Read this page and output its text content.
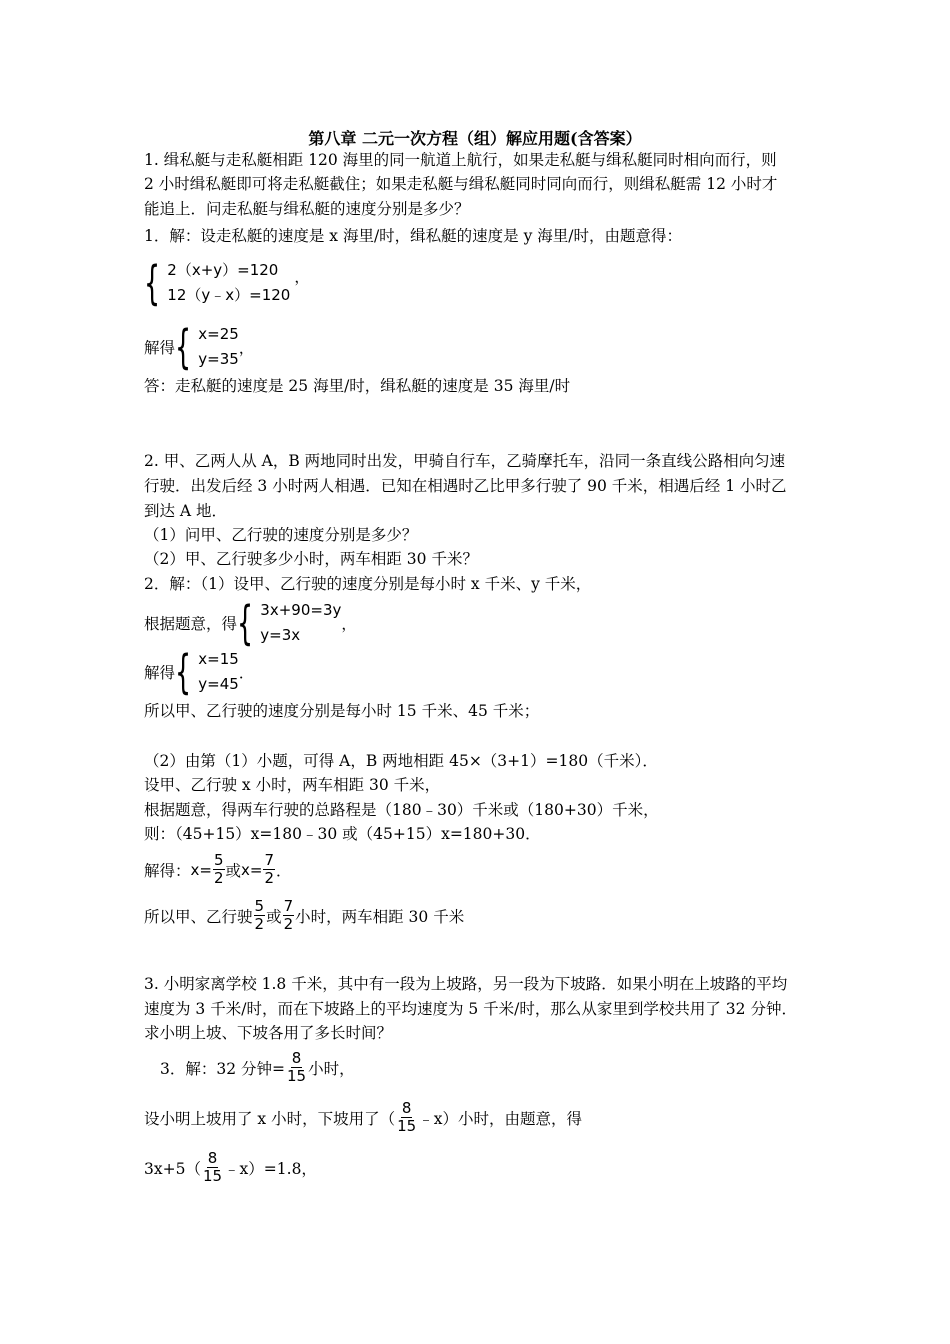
第八章 二元一次方程（组）解应用题(含答案）
1. 缉私艇与走私艇相距 120 海里的同一航道上航行，如果走私艇与缉私艇同时相向而行，则
2 小时缉私艇即可将走私艇截住；如果走私艇与缉私艇同时同向而行，则缉私艇需 12 小时才
能追上．问走私艇与缉私艇的速度分别是多少？
1．解：设走私艇的速度是 x 海里/时，缉私艇的速度是 y 海里/时，由题意得：
{ 2（x+y）=120
12（y﹣x）=120
，
解得 { x=25
y=35
，
答：走私艇的速度是 25 海里/时，缉私艇的速度是 35 海里/时
2. 甲、乙两人从 A，B 两地同时出发，甲骑自行车，乙骑摩托车，沿同一条直线公路相向匀速
行驶．出发后经 3 小时两人相遇．已知在相遇时乙比甲多行驶了 90 千米，相遇后经 1 小时乙
到达 A 地．
（1）问甲、乙行驶的速度分别是多少？
（2）甲、乙行驶多少小时，两车相距 30 千米？
2．解：（1）设甲、乙行驶的速度分别是每小时 x 千米、y 千米，
根据题意，得 { 3x+90=3y
y=3x
，
解得 { x=15
y=45
．
所以甲、乙行驶的速度分别是每小时 15 千米、45 千米；
（2）由第（1）小题，可得 A，B 两地相距 45×（3+1）=180（千米）．
设甲、乙行驶 x 小时，两车相距 30 千米，
根据题意，得两车行驶的总路程是（180﹣30）千米或（180+30）千米，
则：（45+15）x=180﹣30 或（45+15）x=180+30．
解得： $x= \frac{5}{2}$ 或 $x= \frac{7}{2}$ ．
所以甲、乙行驶 $\frac{5}{2}$ 或 $\frac{7}{2}$ 小时，两车相距 30 千米
3. 小明家离学校 1.8 千米，其中有一段为上坡路，另一段为下坡路．如果小明在上坡路的平均
速度为 3 千米/时，而在下坡路上的平均速度为 5 千米/时，那么从家里到学校共用了 32 分钟．
求小明上坡、下坡各用了多长时间？
3．解：32 分钟= $\frac{8}{15}$ 小时，
设小明上坡用了 x 小时，下坡用了（ $\frac{8}{15}$ ﹣x）小时，由题意，得
$3x+5( \frac{8}{15}$ ﹣x）=1.8，
